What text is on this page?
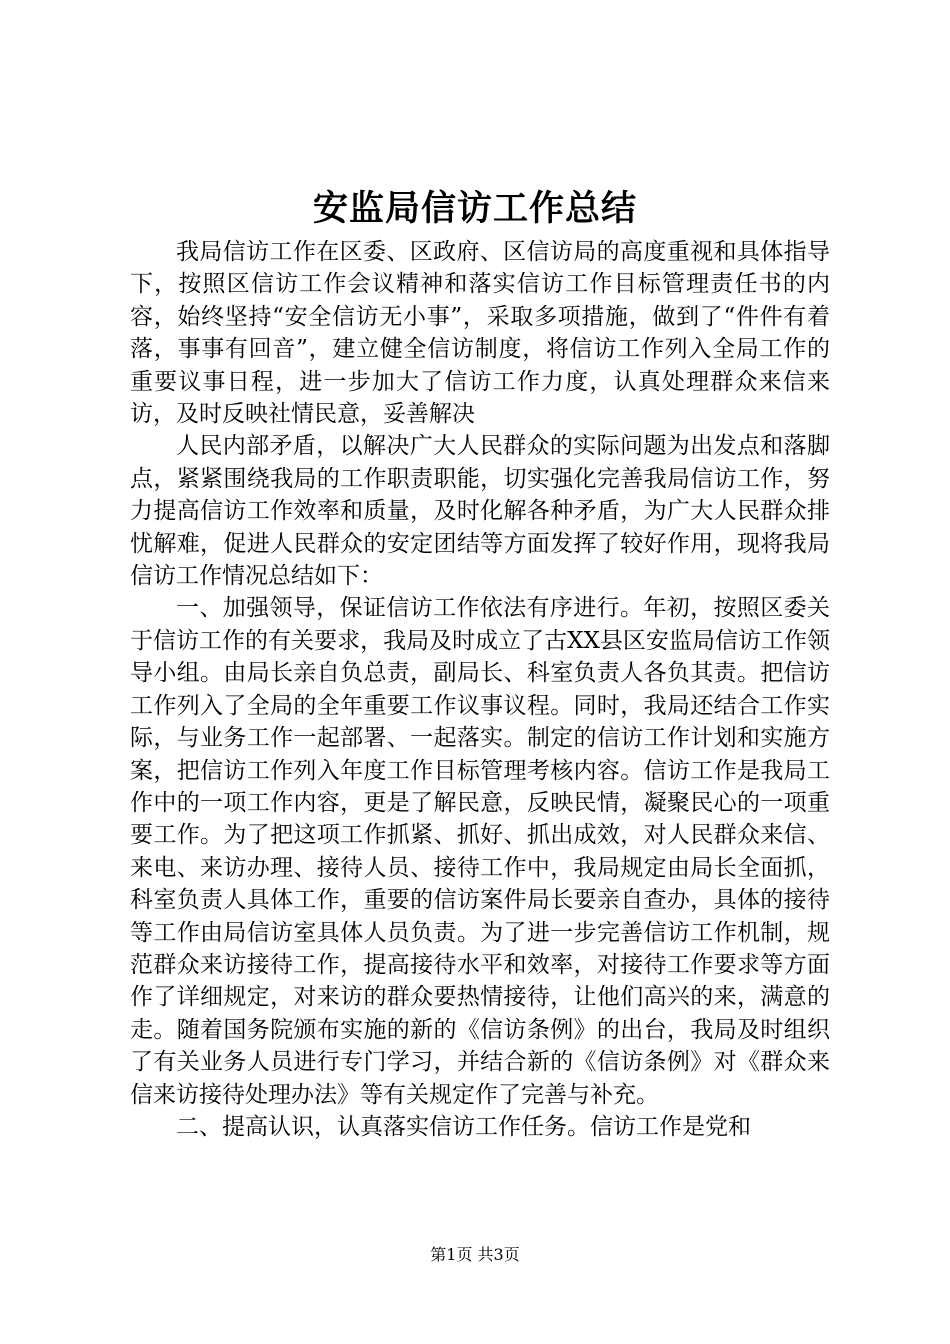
安监局信访工作总结

我局信访工作在区委、区政府、区信访局的高度重视和具体指导下，按照区信访工作会议精神和落实信访工作目标管理责任书的内容，始终坚持“安全信访无小事”，采取多项措施，做到了“件件有着落，事事有回音”，建立健全信访制度，将信访工作列入全局工作的重要议事日程，进一步加大了信访工作力度，认真处理群众来信来访，及时反映社情民意，妥善解决

人民内部矛盾，以解决广大人民群众的实际问题为出发点和落脚点，紧紧围绕我局的工作职责职能，切实强化完善我局信访工作，努力提高信访工作效率和质量，及时化解各种矛盾，为广大人民群众排忧解难，促进人民群众的安定团结等方面发挥了较好作用，现将我局信访工作情况总结如下：

一、加强领导，保证信访工作依法有序进行。年初，按照区委关于信访工作的有关要求，我局及时成立了古XX县区安监局信访工作领导小组。由局长亲自负总责，副局长、科室负责人各负其责。把信访工作列入了全局的全年重要工作议事议程。同时，我局还结合工作实际，与业务工作一起部署、一起落实。制定的信访工作计划和实施方案，把信访工作列入年度工作目标管理考核内容。信访工作是我局工作中的一项工作内容，更是了解民意，反映民情，凝聚民心的一项重要工作。为了把这项工作抓紧、抓好、抓出成效，对人民群众来信、来电、来访办理、接待人员、接待工作中，我局规定由局长全面抓，科室负责人具体工作，重要的信访案件局长要亲自查办，具体的接待等工作由局信访室具体人员负责。为了进一步完善信访工作机制，规范群众来访接待工作，提高接待水平和效率，对接待工作要求等方面作了详细规定，对来访的群众要热情接待，让他们高兴的来，满意的走。随着国务院颁布实施的新的《信访条例》的出台，我局及时组织了有关业务人员进行专门学习，并结合新的《信访条例》对《群众来信来访接待处理办法》等有关规定作了完善与补充。

二、提高认识，认真落实信访工作任务。信访工作是党和

第1页 共3页
